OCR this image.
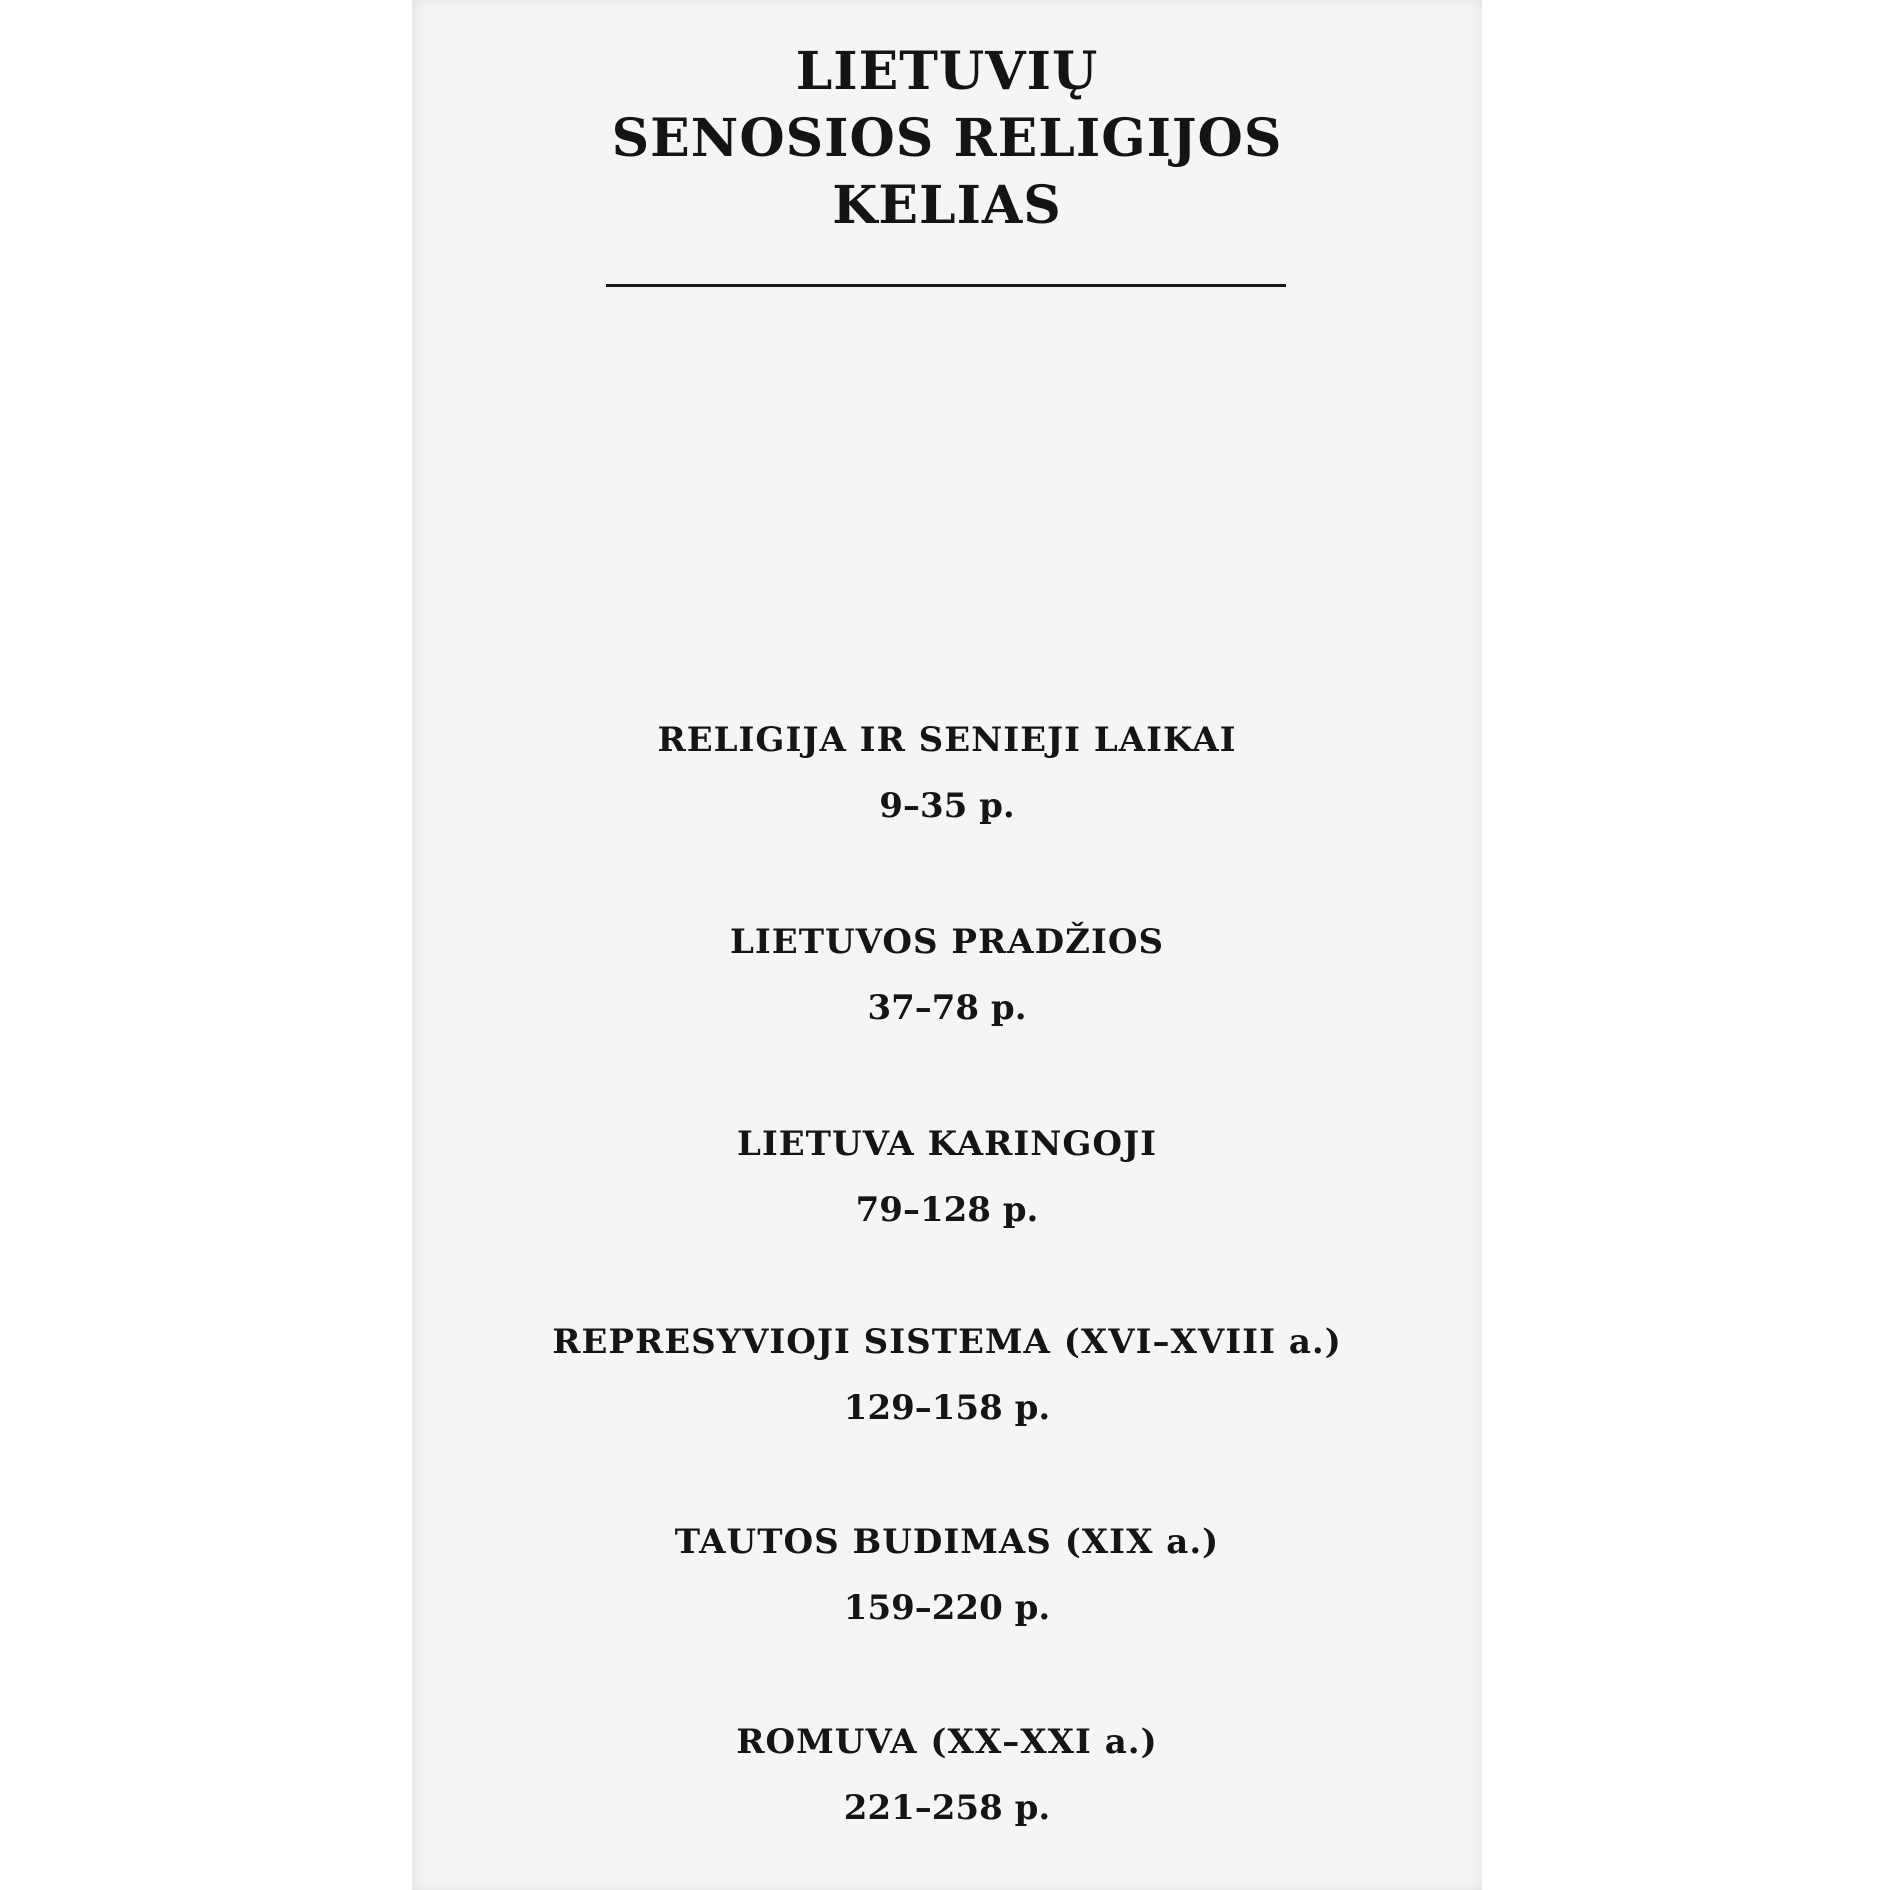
LIETUVIŲ
SENOSIOS RELIGIJOS
KELIAS
RELIGIJA IR SENIEJI LAIKAI
9–35 p.
LIETUVOS PRADŽIOS
37–78 p.
LIETUVA KARINGOJI
79–128 p.
REPRESYVIOJI SISTEMA (XVI–XVIII a.)
129–158 p.
TAUTOS BUDIMAS (XIX a.)
159–220 p.
ROMUVA (XX–XXI a.)
221–258 p.
